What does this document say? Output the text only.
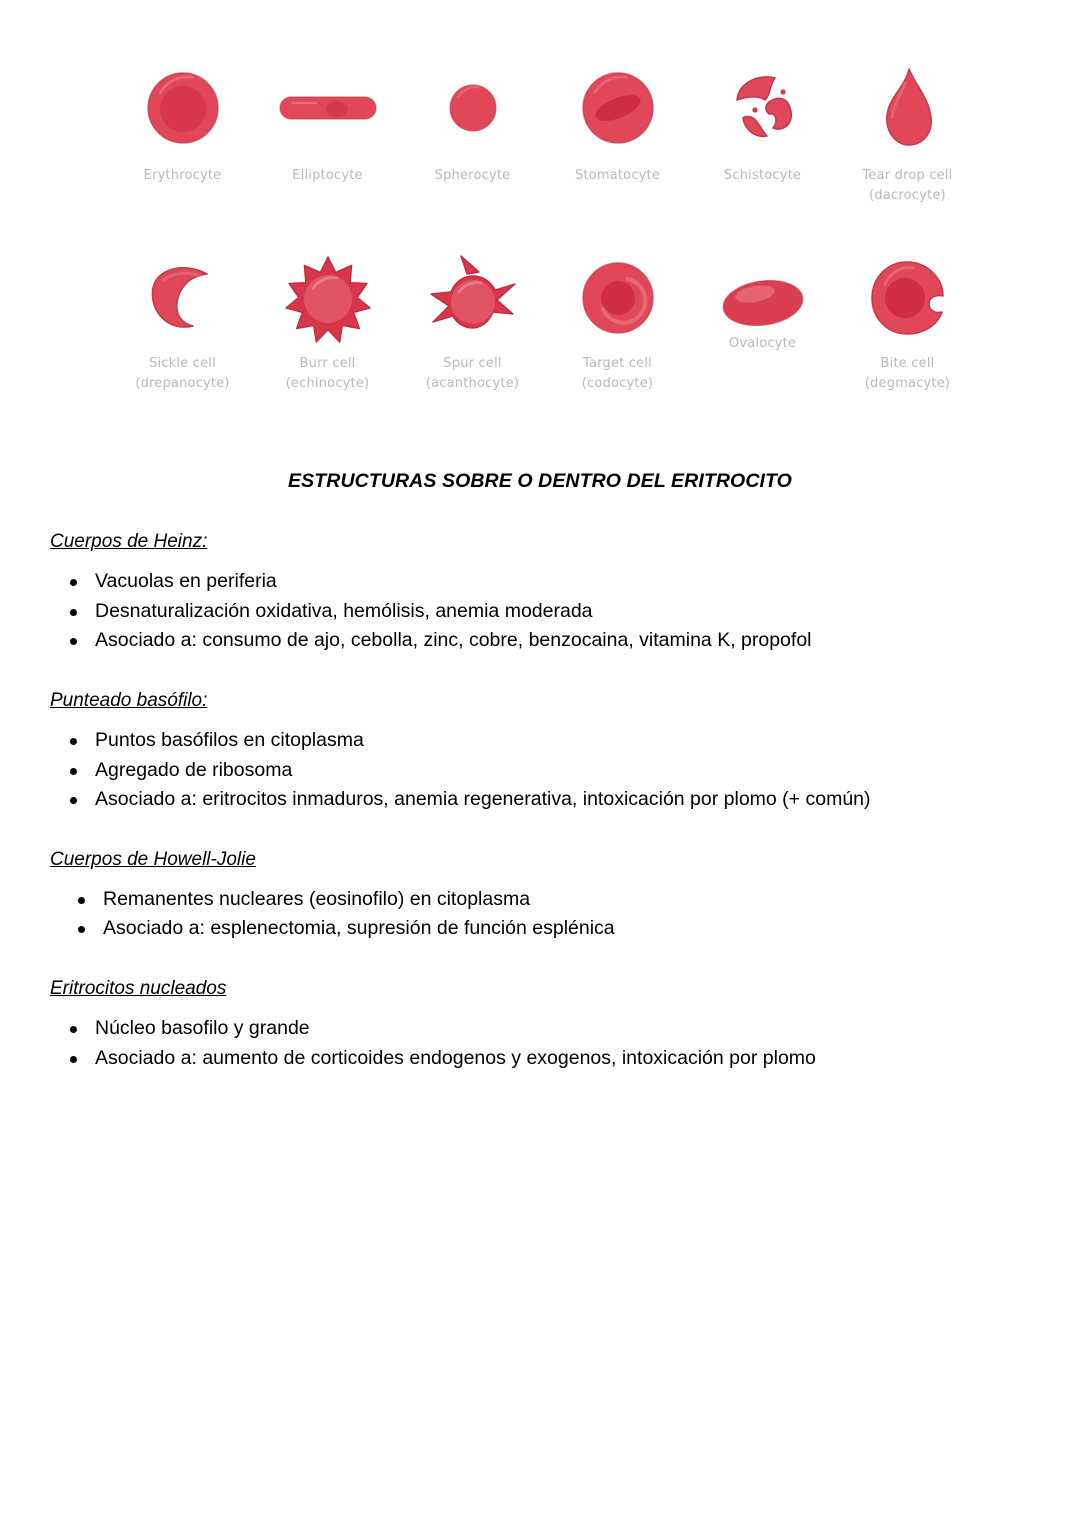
Erythrocyte	Elliptocyte	Spherocyte	Stomatocyte	Schistocyte	Tear drop cell
(dacrocyte)
Sickle cell
(drepanocyte)
Burr cell
(echinocyte)
Spur cell
(acanthocyte)
Target cell
(codocyte)
Ovalocyte
Bite cell
(degmacyte)
ESTRUCTURAS SOBRE O DENTRO DEL ERITROCITO
Cuerpos de Heinz:
Vacuolas en periferia
Desnaturalización oxidativa, hemólisis, anemia moderada
Asociado a: consumo de ajo, cebolla, zinc, cobre, benzocaina, vitamina K, propofol
Punteado basófilo:
Puntos basófilos en citoplasma
Agregado de ribosoma
Asociado a: eritrocitos inmaduros, anemia regenerativa, intoxicación por plomo (+ común)
Cuerpos de Howell-Jolie
Remanentes nucleares (eosinofilo) en citoplasma
Asociado a: esplenectomia, supresión de función esplénica
Eritrocitos nucleados
Núcleo basofilo y grande
Asociado a: aumento de corticoides endogenos y exogenos, intoxicación por plomo
